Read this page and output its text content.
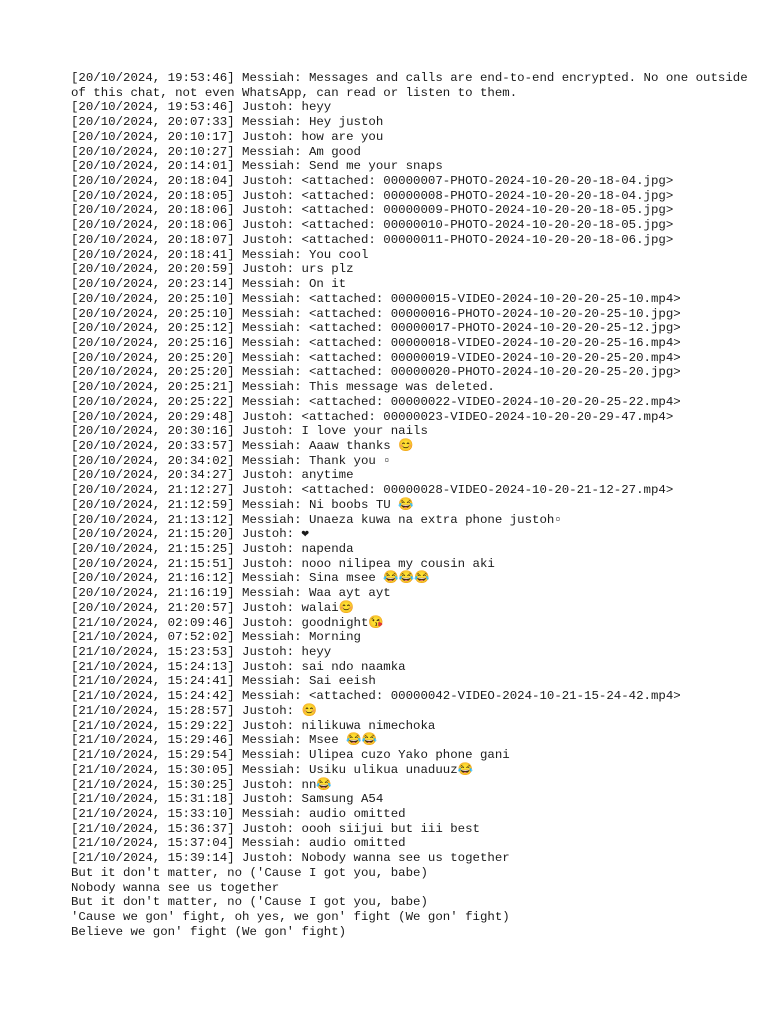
[20/10/2024, 19:53:46] Messiah: Messages and calls are end-to-end encrypted. No one outside of this chat, not even WhatsApp, can read or listen to them.
[20/10/2024, 19:53:46] Justoh: heyy
[20/10/2024, 20:07:33] Messiah: Hey justoh
[20/10/2024, 20:10:17] Justoh: how are you
[20/10/2024, 20:10:27] Messiah: Am good
[20/10/2024, 20:14:01] Messiah: Send me your snaps
[20/10/2024, 20:18:04] Justoh: <attached: 00000007-PHOTO-2024-10-20-20-18-04.jpg>
[20/10/2024, 20:18:05] Justoh: <attached: 00000008-PHOTO-2024-10-20-20-18-04.jpg>
[20/10/2024, 20:18:06] Justoh: <attached: 00000009-PHOTO-2024-10-20-20-18-05.jpg>
[20/10/2024, 20:18:06] Justoh: <attached: 00000010-PHOTO-2024-10-20-20-18-05.jpg>
[20/10/2024, 20:18:07] Justoh: <attached: 00000011-PHOTO-2024-10-20-20-18-06.jpg>
[20/10/2024, 20:18:41] Messiah: You cool
[20/10/2024, 20:20:59] Justoh: urs plz
[20/10/2024, 20:23:14] Messiah: On it
[20/10/2024, 20:25:10] Messiah: <attached: 00000015-VIDEO-2024-10-20-20-25-10.mp4>
[20/10/2024, 20:25:10] Messiah: <attached: 00000016-PHOTO-2024-10-20-20-25-10.jpg>
[20/10/2024, 20:25:12] Messiah: <attached: 00000017-PHOTO-2024-10-20-20-25-12.jpg>
[20/10/2024, 20:25:16] Messiah: <attached: 00000018-VIDEO-2024-10-20-20-25-16.mp4>
[20/10/2024, 20:25:20] Messiah: <attached: 00000019-VIDEO-2024-10-20-20-25-20.mp4>
[20/10/2024, 20:25:20] Messiah: <attached: 00000020-PHOTO-2024-10-20-20-25-20.jpg>
[20/10/2024, 20:25:21] Messiah: This message was deleted.
[20/10/2024, 20:25:22] Messiah: <attached: 00000022-VIDEO-2024-10-20-20-25-22.mp4>
[20/10/2024, 20:29:48] Justoh: <attached: 00000023-VIDEO-2024-10-20-20-29-47.mp4>
[20/10/2024, 20:30:16] Justoh: I love your nails
[20/10/2024, 20:33:57] Messiah: Aaaw thanks 😊
[20/10/2024, 20:34:02] Messiah: Thank you ▫
[20/10/2024, 20:34:27] Justoh: anytime
[20/10/2024, 21:12:27] Justoh: <attached: 00000028-VIDEO-2024-10-20-21-12-27.mp4>
[20/10/2024, 21:12:59] Messiah: Ni boobs TU 😂
[20/10/2024, 21:13:12] Messiah: Unaeza kuwa na extra phone justoh▫
[20/10/2024, 21:15:20] Justoh: ❤
[20/10/2024, 21:15:25] Justoh: napenda
[20/10/2024, 21:15:51] Justoh: nooo nilipea my cousin aki
[20/10/2024, 21:16:12] Messiah: Sina msee 😂😂😂
[20/10/2024, 21:16:19] Messiah: Waa ayt ayt
[20/10/2024, 21:20:57] Justoh: walai😊
[21/10/2024, 02:09:46] Justoh: goodnight😘
[21/10/2024, 07:52:02] Messiah: Morning
[21/10/2024, 15:23:53] Justoh: heyy
[21/10/2024, 15:24:13] Justoh: sai ndo naamka
[21/10/2024, 15:24:41] Messiah: Sai eeish
[21/10/2024, 15:24:42] Messiah: <attached: 00000042-VIDEO-2024-10-21-15-24-42.mp4>
[21/10/2024, 15:28:57] Justoh: 😊
[21/10/2024, 15:29:22] Justoh: nilikuwa nimechoka
[21/10/2024, 15:29:46] Messiah: Msee 😂😂
[21/10/2024, 15:29:54] Messiah: Ulipea cuzo Yako phone gani
[21/10/2024, 15:30:05] Messiah: Usiku ulikua unaduuz😂
[21/10/2024, 15:30:25] Justoh: nn😂
[21/10/2024, 15:31:18] Justoh: Samsung A54
[21/10/2024, 15:33:10] Messiah: audio omitted
[21/10/2024, 15:36:37] Justoh: oooh siijui but iii best
[21/10/2024, 15:37:04] Messiah: audio omitted
[21/10/2024, 15:39:14] Justoh: Nobody wanna see us together
But it don't matter, no ('Cause I got you, babe)
Nobody wanna see us together
But it don't matter, no ('Cause I got you, babe)
'Cause we gon' fight, oh yes, we gon' fight (We gon' fight)
Believe we gon' fight (We gon' fight)
